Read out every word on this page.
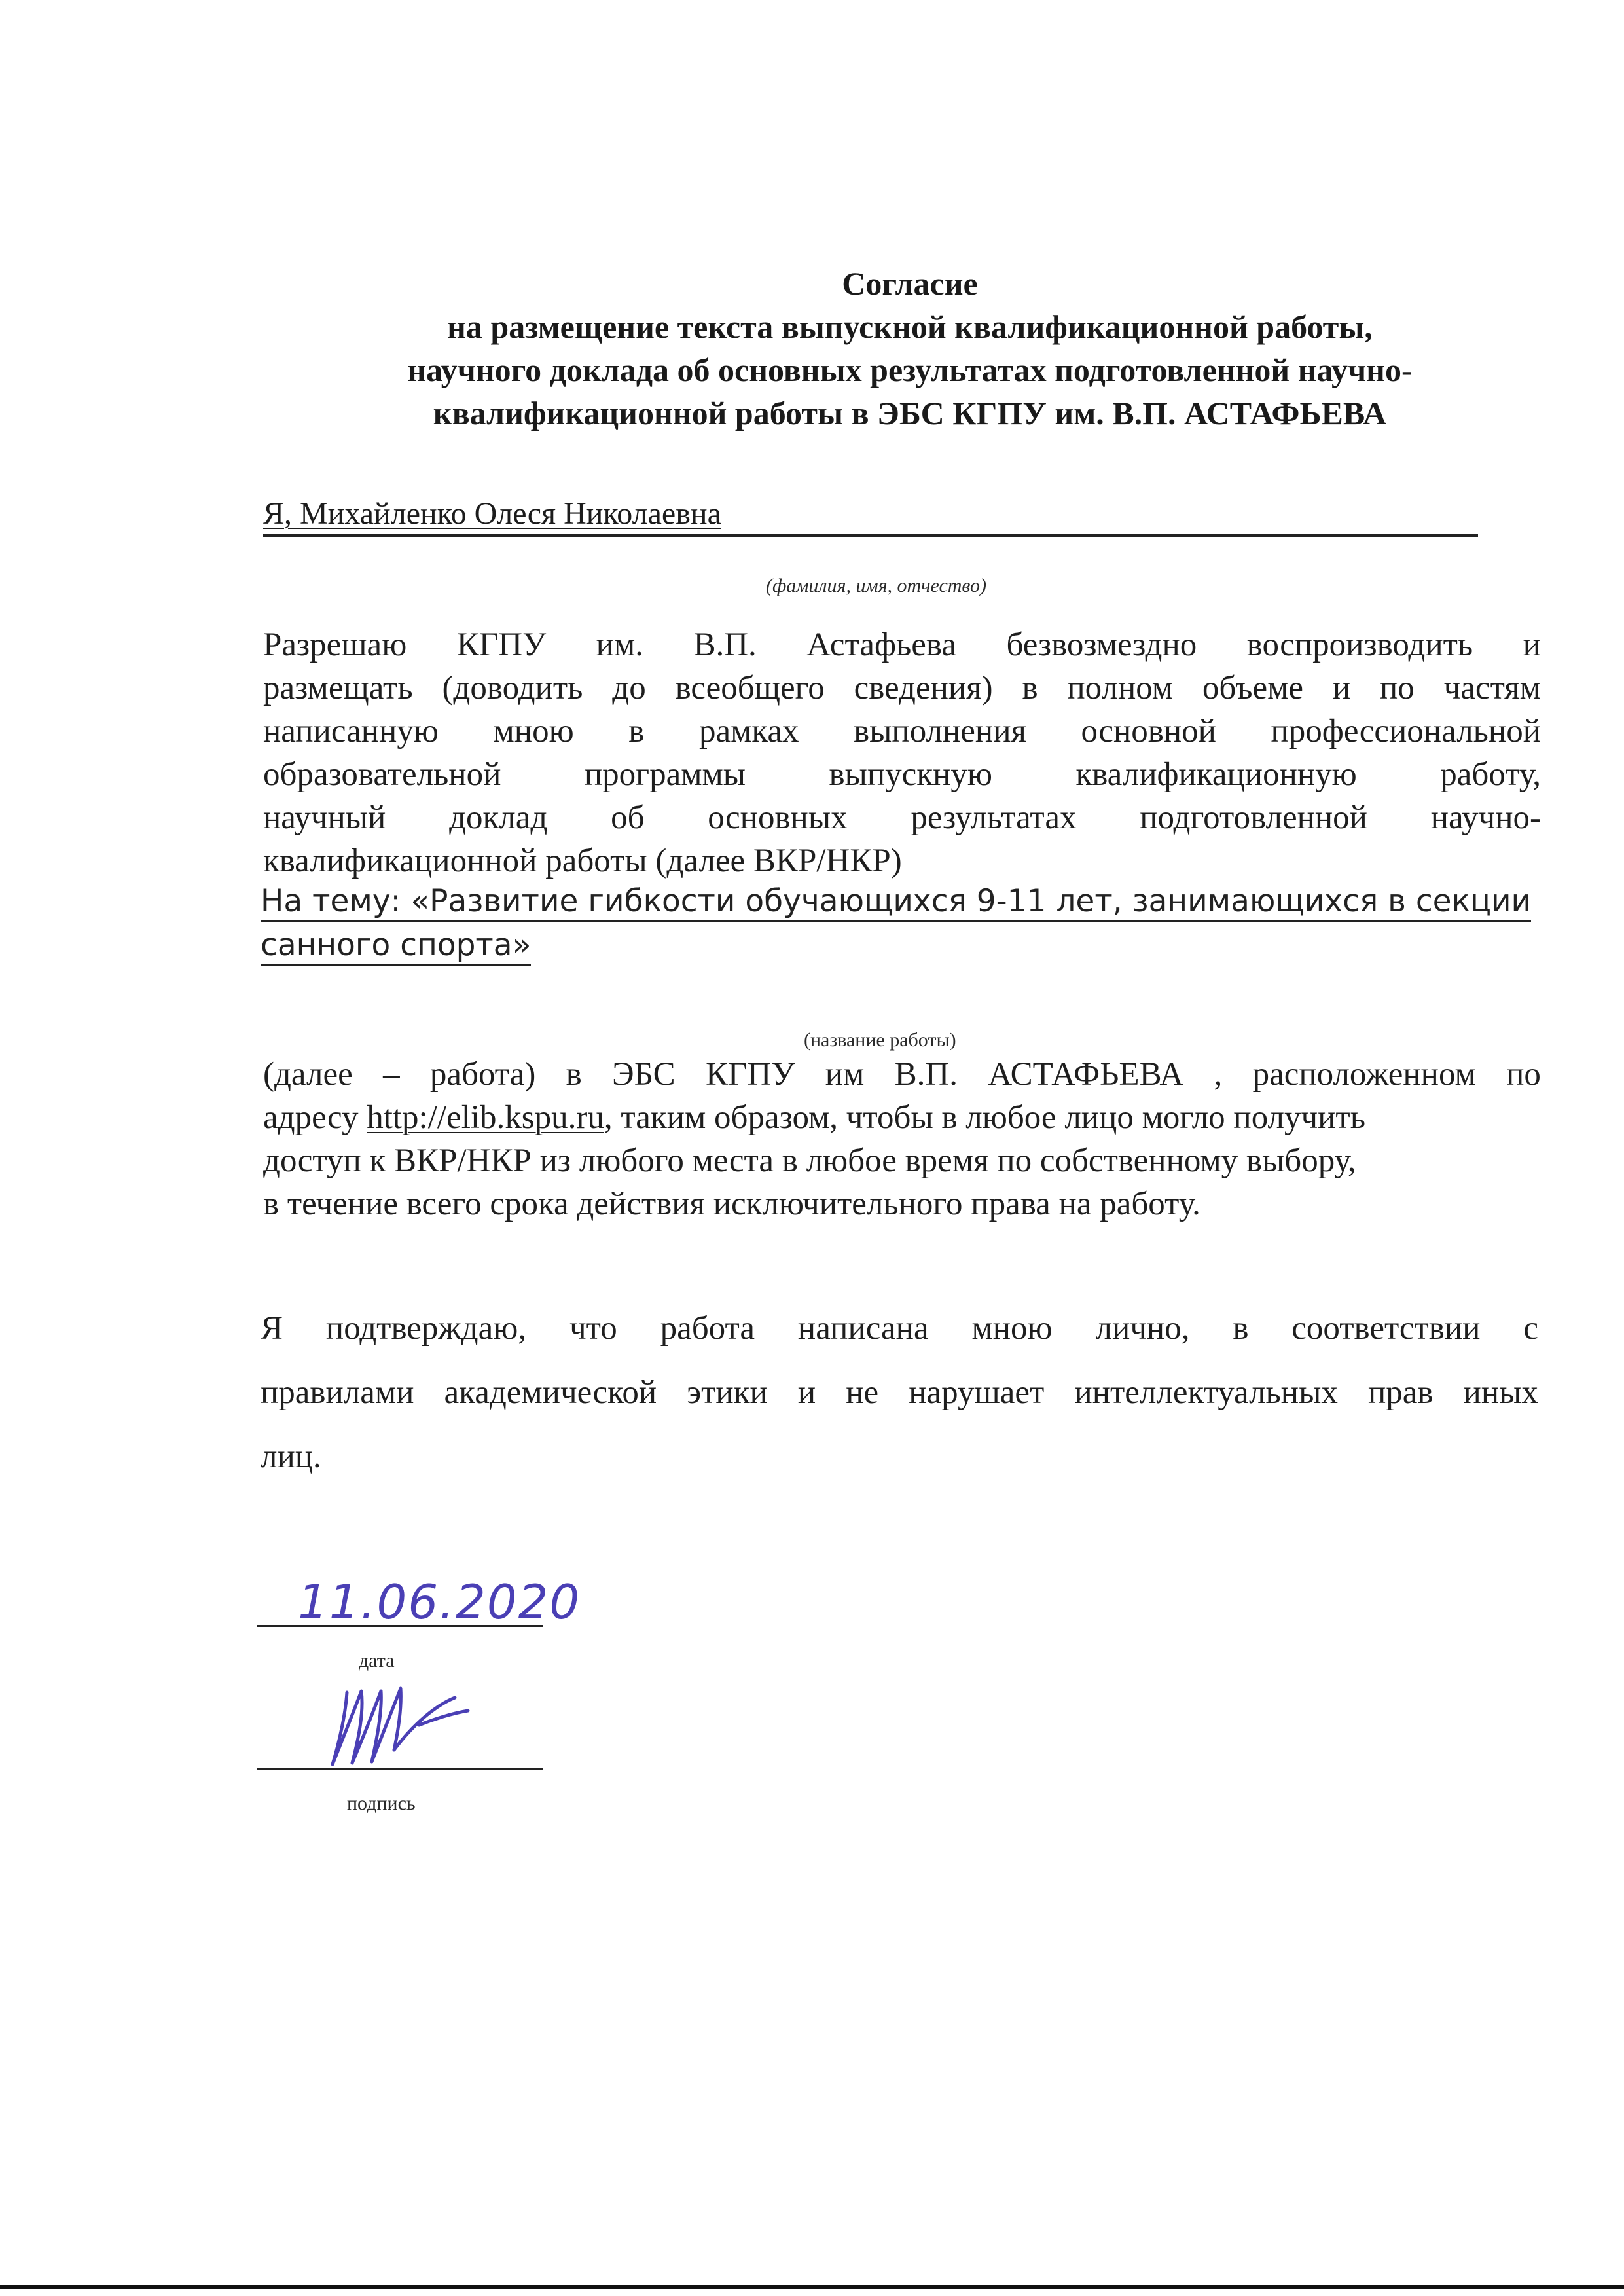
Согласие
на размещение текста выпускной квалификационной работы,
научного доклада об основных результатах подготовленной научно-
квалификационной работы в ЭБС КГПУ им. В.П. АСТАФЬЕВА
Я, Михайленко Олеся Николаевна
(фамилия, имя, отчество)
Разрешаю КГПУ им. В.П. Астафьева безвозмездно воспроизводить и
размещать (доводить до всеобщего сведения) в полном объеме и по частям
написанную мною в рамках выполнения основной профессиональной
образовательной	программы	выпускную	квалификационную	работу,
научный доклад об основных результатах подготовленной научно-
квалификационной работы (далее ВКР/НКР)
На тему: «Развитие гибкости обучающихся 9-11 лет, занимающихся в секции
санного спорта»
(название работы)
(далее – работа) в ЭБС КГПУ им В.П. АСТАФЬЕВА , расположенном по
адресу http://elib.kspu.ru, таким образом, чтобы в любое лицо могло получить
доступ к ВКР/НКР из любого места в любое время по собственному выбору,
в течение всего срока действия исключительного права на работу.
Я подтверждаю, что работа написана мною лично, в соответствии с
правилами академической этики и не нарушает интеллектуальных прав иных
лиц.
11.06.2020
дата
подпись
